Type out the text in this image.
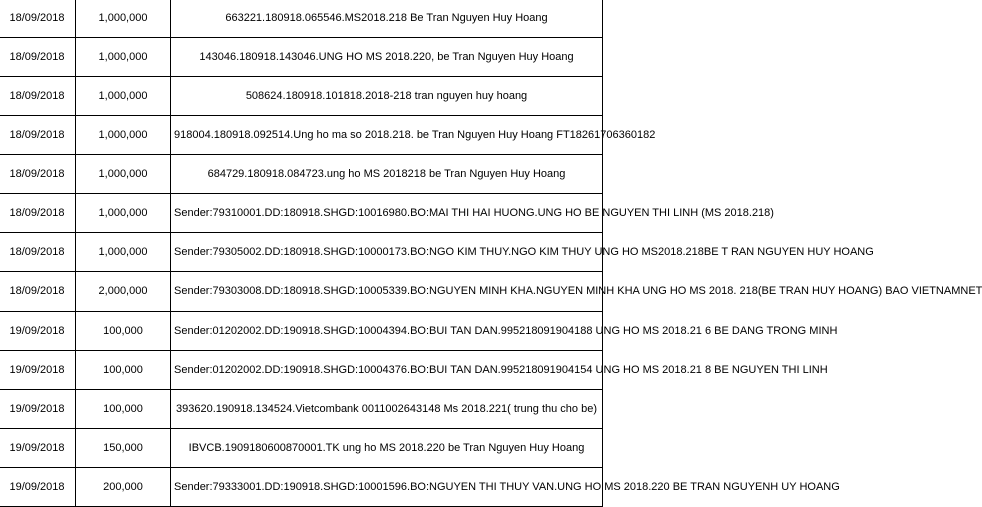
18/09/2018	1,000,000	663221.180918.065546.MS2018.218 Be Tran Nguyen Huy Hoang
18/09/2018	1,000,000	143046.180918.143046.UNG HO MS 2018.220, be Tran Nguyen Huy Hoang
18/09/2018	1,000,000	508624.180918.101818.2018-218 tran nguyen huy hoang
18/09/2018	1,000,000	918004.180918.092514.Ung ho ma so 2018.218. be Tran Nguyen Huy Hoang FT18261706360182
18/09/2018	1,000,000	684729.180918.084723.ung ho MS 2018218 be Tran Nguyen Huy Hoang
18/09/2018	1,000,000	Sender:79310001.DD:180918.SHGD:10016980.BO:MAI THI HAI HUONG.UNG HO BE NGUYEN THI LINH (MS 2018.218)
18/09/2018	1,000,000	Sender:79305002.DD:180918.SHGD:10000173.BO:NGO KIM THUY.NGO KIM THUY UNG HO MS2018.218BE T RAN NGUYEN HUY HOANG
18/09/2018	2,000,000	Sender:79303008.DD:180918.SHGD:10005339.BO:NGUYEN MINH KHA.NGUYEN MINH KHA UNG HO MS 2018. 218(BE TRAN HUY HOANG) BAO VIETNAMNET
19/09/2018	100,000	Sender:01202002.DD:190918.SHGD:10004394.BO:BUI TAN DAN.995218091904188 UNG HO MS 2018.21 6 BE DANG TRONG MINH
19/09/2018	100,000	Sender:01202002.DD:190918.SHGD:10004376.BO:BUI TAN DAN.995218091904154 UNG HO MS 2018.21 8 BE NGUYEN THI LINH
19/09/2018	100,000	393620.190918.134524.Vietcombank 0011002643148 Ms 2018.221( trung thu cho be)
19/09/2018	150,000	IBVCB.1909180600870001.TK ung ho MS 2018.220 be Tran Nguyen Huy Hoang
19/09/2018	200,000	Sender:79333001.DD:190918.SHGD:10001596.BO:NGUYEN THI THUY VAN.UNG HO MS 2018.220 BE TRAN NGUYENH UY HOANG
